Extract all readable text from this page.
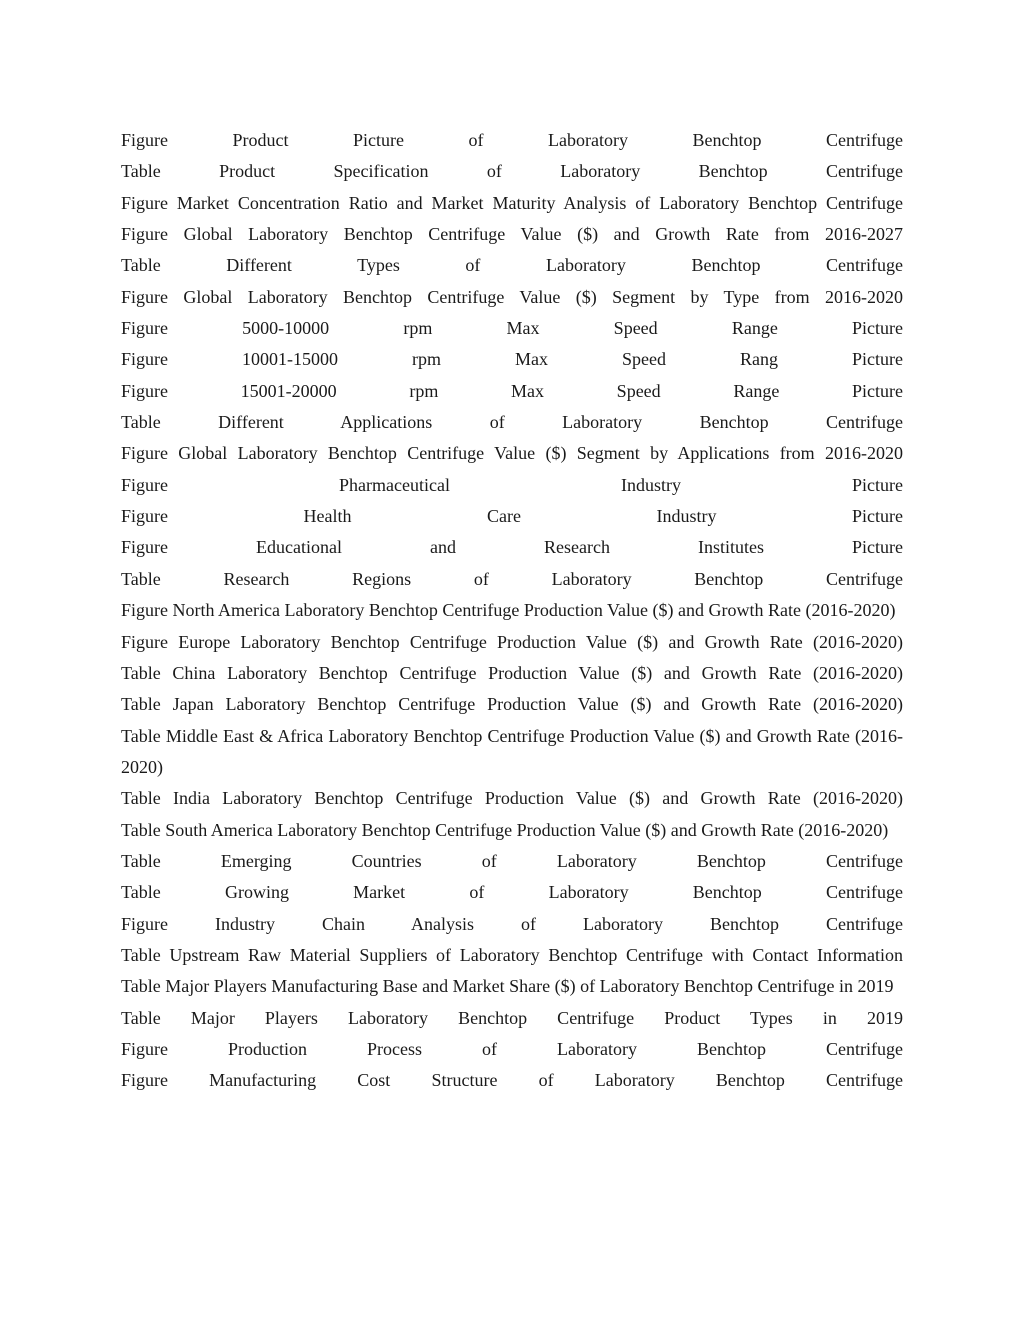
Figure Product Picture of Laboratory Benchtop Centrifuge
Table Product Specification of Laboratory Benchtop Centrifuge
Figure Market Concentration Ratio and Market Maturity Analysis of Laboratory Benchtop Centrifuge
Figure Global Laboratory Benchtop Centrifuge Value ($) and Growth Rate from 2016-2027
Table Different Types of Laboratory Benchtop Centrifuge
Figure Global Laboratory Benchtop Centrifuge Value ($) Segment by Type from 2016-2020
Figure 5000-10000 rpm Max Speed Range Picture
Figure 10001-15000 rpm Max Speed Rang Picture
Figure 15001-20000 rpm Max Speed Range Picture
Table Different Applications of Laboratory Benchtop Centrifuge
Figure Global Laboratory Benchtop Centrifuge Value ($) Segment by Applications from 2016-2020
Figure Pharmaceutical Industry Picture
Figure Health Care Industry Picture
Figure Educational and Research Institutes Picture
Table Research Regions of Laboratory Benchtop Centrifuge
Figure North America Laboratory Benchtop Centrifuge Production Value ($) and Growth Rate (2016-2020)
Figure Europe Laboratory Benchtop Centrifuge Production Value ($) and Growth Rate (2016-2020)
Table China Laboratory Benchtop Centrifuge Production Value ($) and Growth Rate (2016-2020)
Table Japan Laboratory Benchtop Centrifuge Production Value ($) and Growth Rate (2016-2020)
Table Middle East & Africa Laboratory Benchtop Centrifuge Production Value ($) and Growth Rate (2016-2020)
Table India Laboratory Benchtop Centrifuge Production Value ($) and Growth Rate (2016-2020)
Table South America Laboratory Benchtop Centrifuge Production Value ($) and Growth Rate (2016-2020)
Table Emerging Countries of Laboratory Benchtop Centrifuge
Table Growing Market of Laboratory Benchtop Centrifuge
Figure Industry Chain Analysis of Laboratory Benchtop Centrifuge
Table Upstream Raw Material Suppliers of Laboratory Benchtop Centrifuge with Contact Information
Table Major Players Manufacturing Base and Market Share ($) of Laboratory Benchtop Centrifuge in 2019
Table Major Players Laboratory Benchtop Centrifuge Product Types in 2019
Figure Production Process of Laboratory Benchtop Centrifuge
Figure Manufacturing Cost Structure of Laboratory Benchtop Centrifuge
